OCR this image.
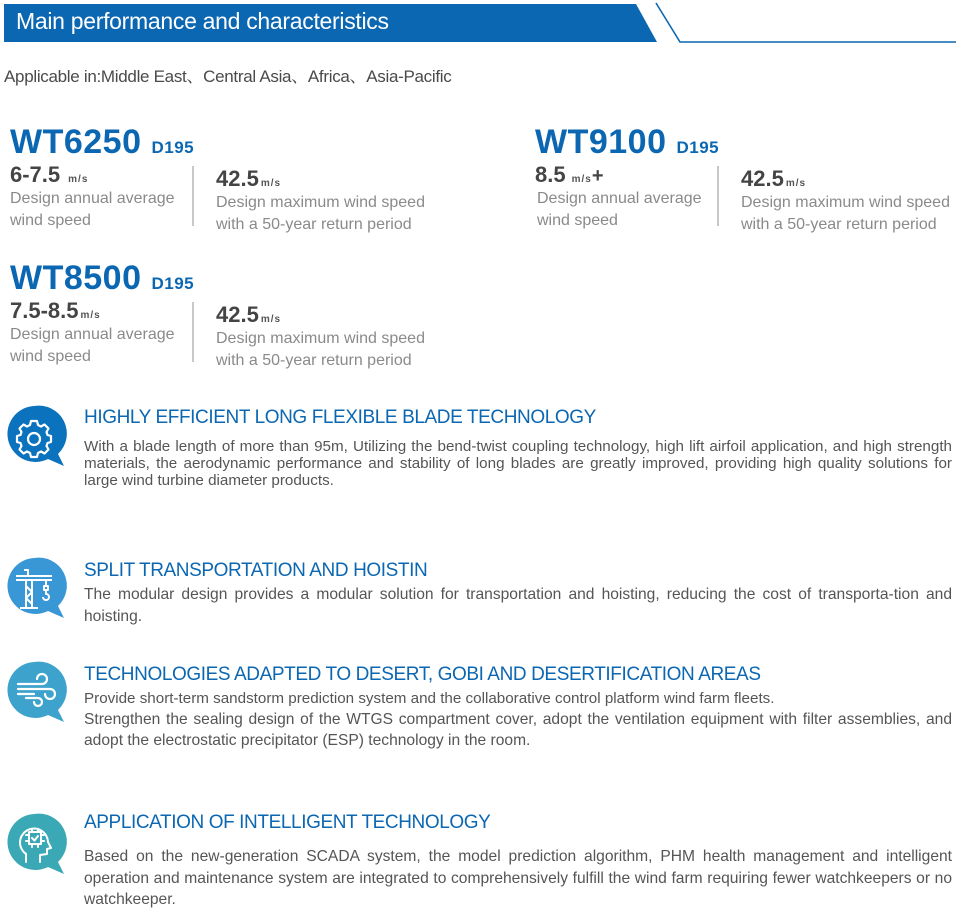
Main performance and characteristics
Applicable in:Middle East、Central Asia、Africa、Asia-Pacific
WT6250 D195
6-7.5 m/s
Design annual average
wind speed
42.5 m/s
Design maximum wind speed
with a 50-year return period
WT9100 D195
8.5 m/s+
Design annual average
wind speed
42.5 m/s
Design maximum wind speed
with a 50-year return period
WT8500 D195
7.5-8.5 m/s
Design annual average
wind speed
42.5 m/s
Design maximum wind speed
with a 50-year return period
HIGHLY EFFICIENT LONG FLEXIBLE BLADE TECHNOLOGY
With a blade length of more than 95m, Utilizing the bend-twist coupling technology, high lift airfoil application, and high strength materials, the aerodynamic performance and stability of long blades are greatly improved, providing high quality solutions for large wind turbine diameter products.
SPLIT TRANSPORTATION AND HOISTIN
The modular design provides a modular solution for transportation and hoisting, reducing the cost of transporta-tion and hoisting.
TECHNOLOGIES ADAPTED TO DESERT, GOBI AND DESERTIFICATION AREAS
Provide short-term sandstorm prediction system and the collaborative control platform wind farm fleets.
Strengthen the sealing design of the WTGS compartment cover, adopt the ventilation equipment with filter assemblies, and adopt the electrostatic precipitator (ESP) technology in the room.
APPLICATION OF INTELLIGENT TECHNOLOGY
Based on the new-generation SCADA system, the model prediction algorithm, PHM health management and intelligent operation and maintenance system are integrated to comprehensively fulfill the wind farm requiring fewer watchkeepers or no watchkeeper.
